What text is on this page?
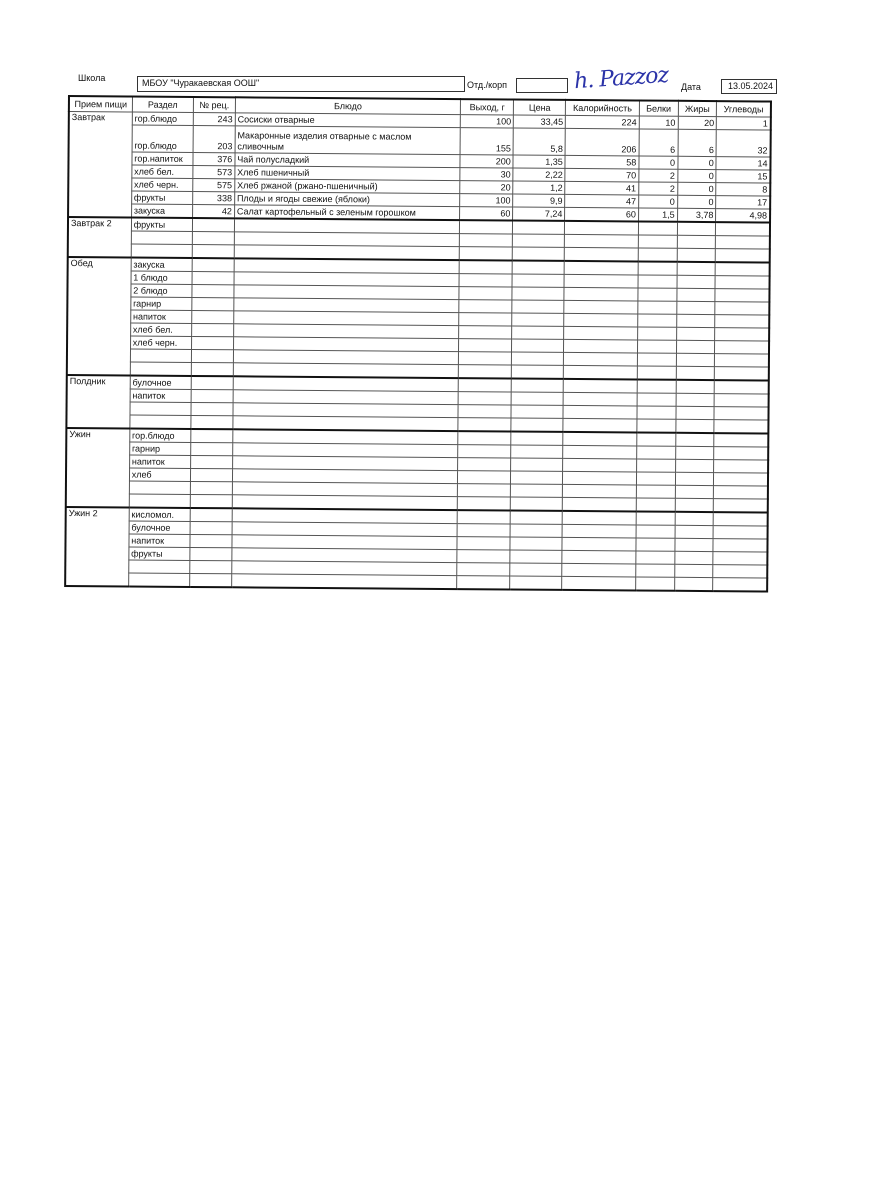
Школа	МБОУ "Чуракаевская ООШ"	Отд./корп	h. Pazzoz Дата	13.05.2024
Прием пищи	Раздел	№ рец.	Блюдо	Выход, г	Цена	Калорийность	Белки	Жиры	Углеводы
Завтрак	гор.блюдо	243	Сосиски отварные	100	33,45	224	10	20	1
	гор.блюдо	203	Макаронные изделия отварные с маслом сливочным	155	5,8	206	6	6	32
	гор.напиток	376	Чай полусладкий	200	1,35	58	0	0	14
	хлеб бел.	573	Хлеб пшеничный	30	2,22	70	2	0	15
	хлеб черн.	575	Хлеб ржаной (ржано-пшеничный)	20	1,2	41	2	0	8
	фрукты	338	Плоды и ягоды свежие (яблоки)	100	9,9	47	0	0	17
	закуска	42	Салат картофельный с зеленым горошком	60	7,24	60	1,5	3,78	4,98
Завтрак 2	фрукты								

Обед	закуска								
	1 блюдо								
	2 блюдо								
	гарнир								
	напиток								
	хлеб бел.								
	хлеб черн.								

Полдник	булочное								
	напиток								

Ужин	гор.блюдо								
	гарнир								
	напиток								
	хлеб								

Ужин 2	кисломол.								
	булочное								
	напиток								
	фрукты								
